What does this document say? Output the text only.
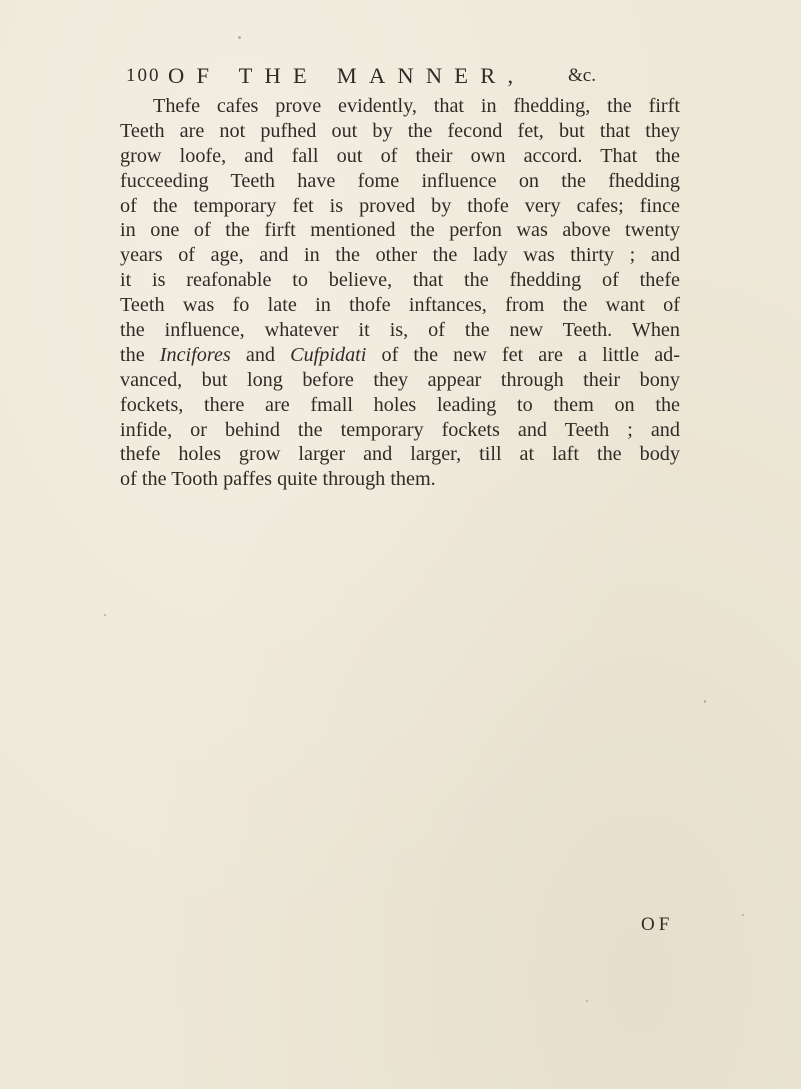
100 OF THE MANNER, &c.
Thefe cafes prove evidently, that in fhedding, the firft
Teeth are not pufhed out by the fecond fet, but that they
grow loofe, and fall out of their own accord. That the
fucceeding Teeth have fome influence on the fhedding
of the temporary fet is proved by thofe very cafes; fince
in one of the firft mentioned the perfon was above twenty
years of age, and in the other the lady was thirty ; and
it is reafonable to believe, that the fhedding of thefe
Teeth was fo late in thofe inftances, from the want of
the influence, whatever it is, of the new Teeth. When
the Incifores and Cufpidati of the new fet are a little ad-
vanced, but long before they appear through their bony
fockets, there are fmall holes leading to them on the
infide, or behind the temporary fockets and Teeth ; and
thefe holes grow larger and larger, till at laft the body
of the Tooth paffes quite through them.
OF
